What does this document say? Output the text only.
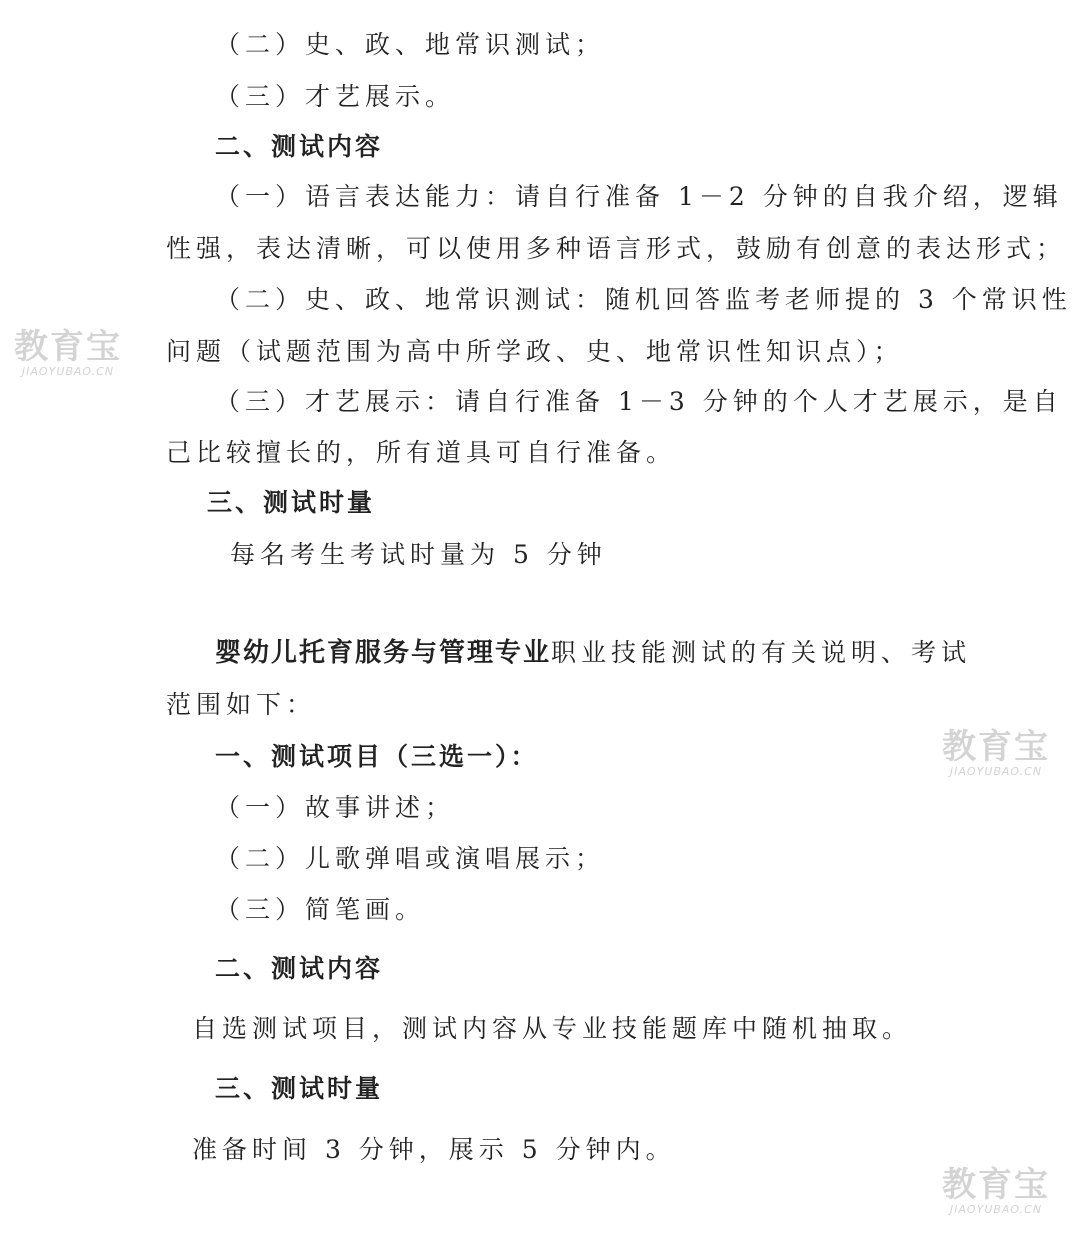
（二）史、政、地常识测试；
（三）才艺展示。
二、测试内容
（一）语言表达能力：请自行准备 1－2 分钟的自我介绍，逻辑
性强，表达清晰，可以使用多种语言形式，鼓励有创意的表达形式；
（二）史、政、地常识测试：随机回答监考老师提的 3 个常识性
问题（试题范围为高中所学政、史、地常识性知识点）；
（三）才艺展示：请自行准备 1－3 分钟的个人才艺展示，是自
己比较擅长的，所有道具可自行准备。
三、测试时量
每名考生考试时量为 5 分钟
婴幼儿托育服务与管理专业职业技能测试的有关说明、考试
范围如下：
一、测试项目（三选一）：
（一）故事讲述；
（二）儿歌弹唱或演唱展示；
（三）简笔画。
二、测试内容
自选测试项目，测试内容从专业技能题库中随机抽取。
三、测试时量
准备时间 3 分钟，展示 5 分钟内。
教育宝
JIAOYUBAO.CN
教育宝
JIAOYUBAO.CN
教育宝
JIAOYUBAO.CN
